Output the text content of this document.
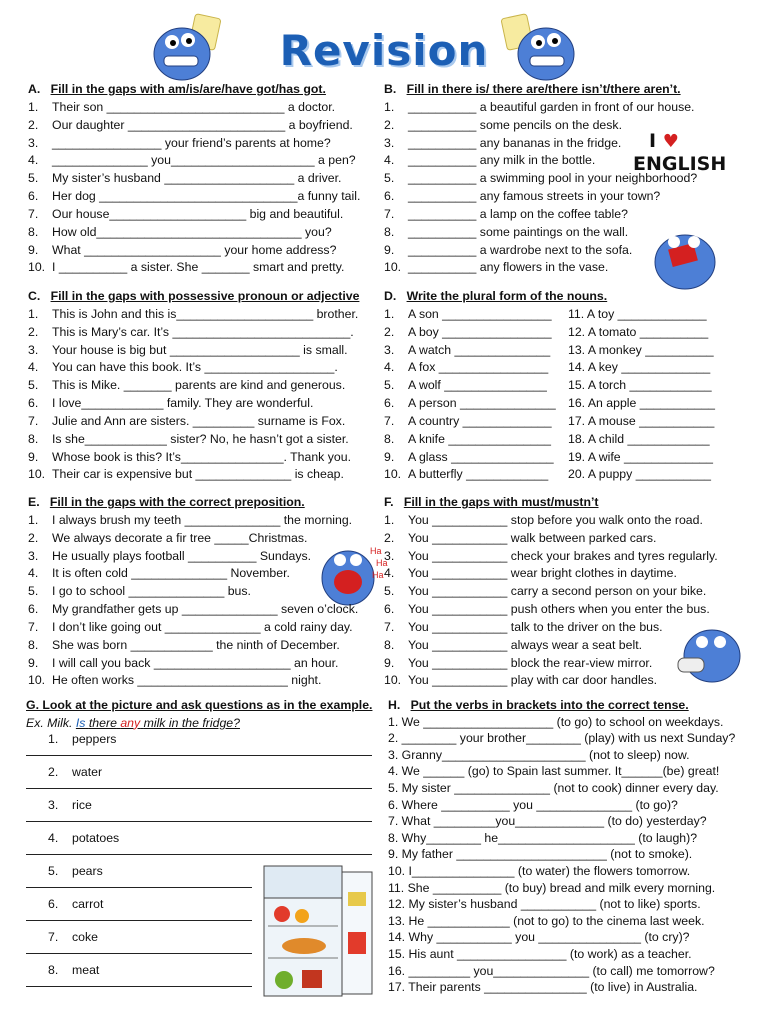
Revision
I ♥
ENGLISH
Ha
Ha
Ha
A. Fill in the gaps with am/is/are/have got/has got.
1.	Their son __________________________ a doctor.
2.	Our daughter _______________________ a boyfriend.
3.	________________ your friend’s parents at home?
4.	______________ you_____________________ a pen?
5.	My sister’s husband ___________________ a driver.
6.	Her dog _____________________________a funny tail.
7.	Our house____________________ big and beautiful.
8.	How old______________________________ you?
9.	What ____________________ your home address?
10. I __________ a sister. She _______ smart and pretty.
B. Fill in there is/ there are/there isn’t/there aren’t.
1.	__________ a beautiful garden in front of our house.
2.	__________ some pencils on the desk.
3.	__________ any bananas in the fridge.
4.	__________ any milk in the bottle.
5.	__________ a swimming pool in your neighborhood?
6.	__________ any famous streets in your town?
7.	__________ a lamp on the coffee table?
8.	__________ some paintings on the wall.
9.	__________ a wardrobe next to the sofa.
10. __________ any flowers in the vase.
C. Fill in the gaps with possessive pronoun or adjective
1.	This is John and this is____________________ brother.
2.	This is Mary’s car. It’s __________________________.
3.	Your house is big but ___________________ is small.
4.	You can have this book. It’s ___________________.
5.	This is Mike. _______ parents are kind and generous.
6.	I love____________ family. They are wonderful.
7.	Julie and Ann are sisters. _________ surname is Fox.
8.	Is she____________ sister? No, he hasn’t got a sister.
9.	Whose book is this? It’s_______________. Thank you.
10. Their car is expensive but ______________ is cheap.
D. Write the plural form of the nouns.
1.	A son ________________	11. A toy _____________
2.	A boy ________________	12. A tomato __________
3.	A watch ______________	13. A monkey __________
4.	A fox ________________	14. A key _____________
5.	A wolf _______________	15. A torch ____________
6.	A person ______________ 16. An apple ___________
7.	A country _____________	17. A mouse ___________
8.	A knife _______________	18. A child ____________
9.	A glass _______________	19. A wife _____________
10. A butterfly ____________	20. A puppy ___________
E. Fill in the gaps with the correct preposition.
1.	I always brush my teeth ______________ the morning.
2.	We always decorate a fir tree _____Christmas.
3.	He usually plays football __________ Sundays.
4.	It is often cold ______________ November.
5.	I go to school ______________ bus.
6.	My grandfather gets up ______________ seven o’clock.
7.	I don’t like going out ______________ a cold rainy day.
8.	She was born ____________ the ninth of December.
9.	I will call you back ____________________ an hour.
10. He often works ______________________ night.
F. Fill in the gaps with must/mustn’t
1.	You ___________ stop before you walk onto the road.
2.	You ___________ walk between parked cars.
3.	You ___________ check your brakes and tyres regularly.
4.	You ___________ wear bright clothes in daytime.
5.	You ___________ carry a second person on your bike.
6.	You ___________ push others when you enter the bus.
7.	You ___________ talk to the driver on the bus.
8.	You ___________ always wear a seat belt.
9.	You ___________ block the rear-view mirror.
10. You ___________ play with car door handles.
G. Look at the picture and ask questions as in the example.
Ex. Milk. Is there any milk in the fridge?
1. peppers
2. water
3. rice
4. potatoes
5. pears
6. carrot
7. coke
8. meat
H. Put the verbs in brackets into the correct tense.
1. We ___________________ (to go) to school on weekdays.
2. ________ your brother________ (play) with us next Sunday?
3. Granny_____________________ (not to sleep) now.
4. We ______ (go) to Spain last summer. It______(be) great!
5. My sister ______________ (not to cook) dinner every day.
6. Where __________ you ______________ (to go)?
7. What _________you_____________ (to do) yesterday?
8. Why________ he____________________ (to laugh)?
9. My father ______________________ (not to smoke).
10. I_______________ (to water) the flowers tomorrow.
11. She __________ (to buy) bread and milk every morning.
12. My sister’s husband ___________ (not to like) sports.
13. He ____________ (not to go) to the cinema last week.
14. Why ___________ you _______________ (to cry)?
15. His aunt ________________ (to work) as a teacher.
16. _________ you______________ (to call) me tomorrow?
17. Their parents _______________ (to live) in Australia.
